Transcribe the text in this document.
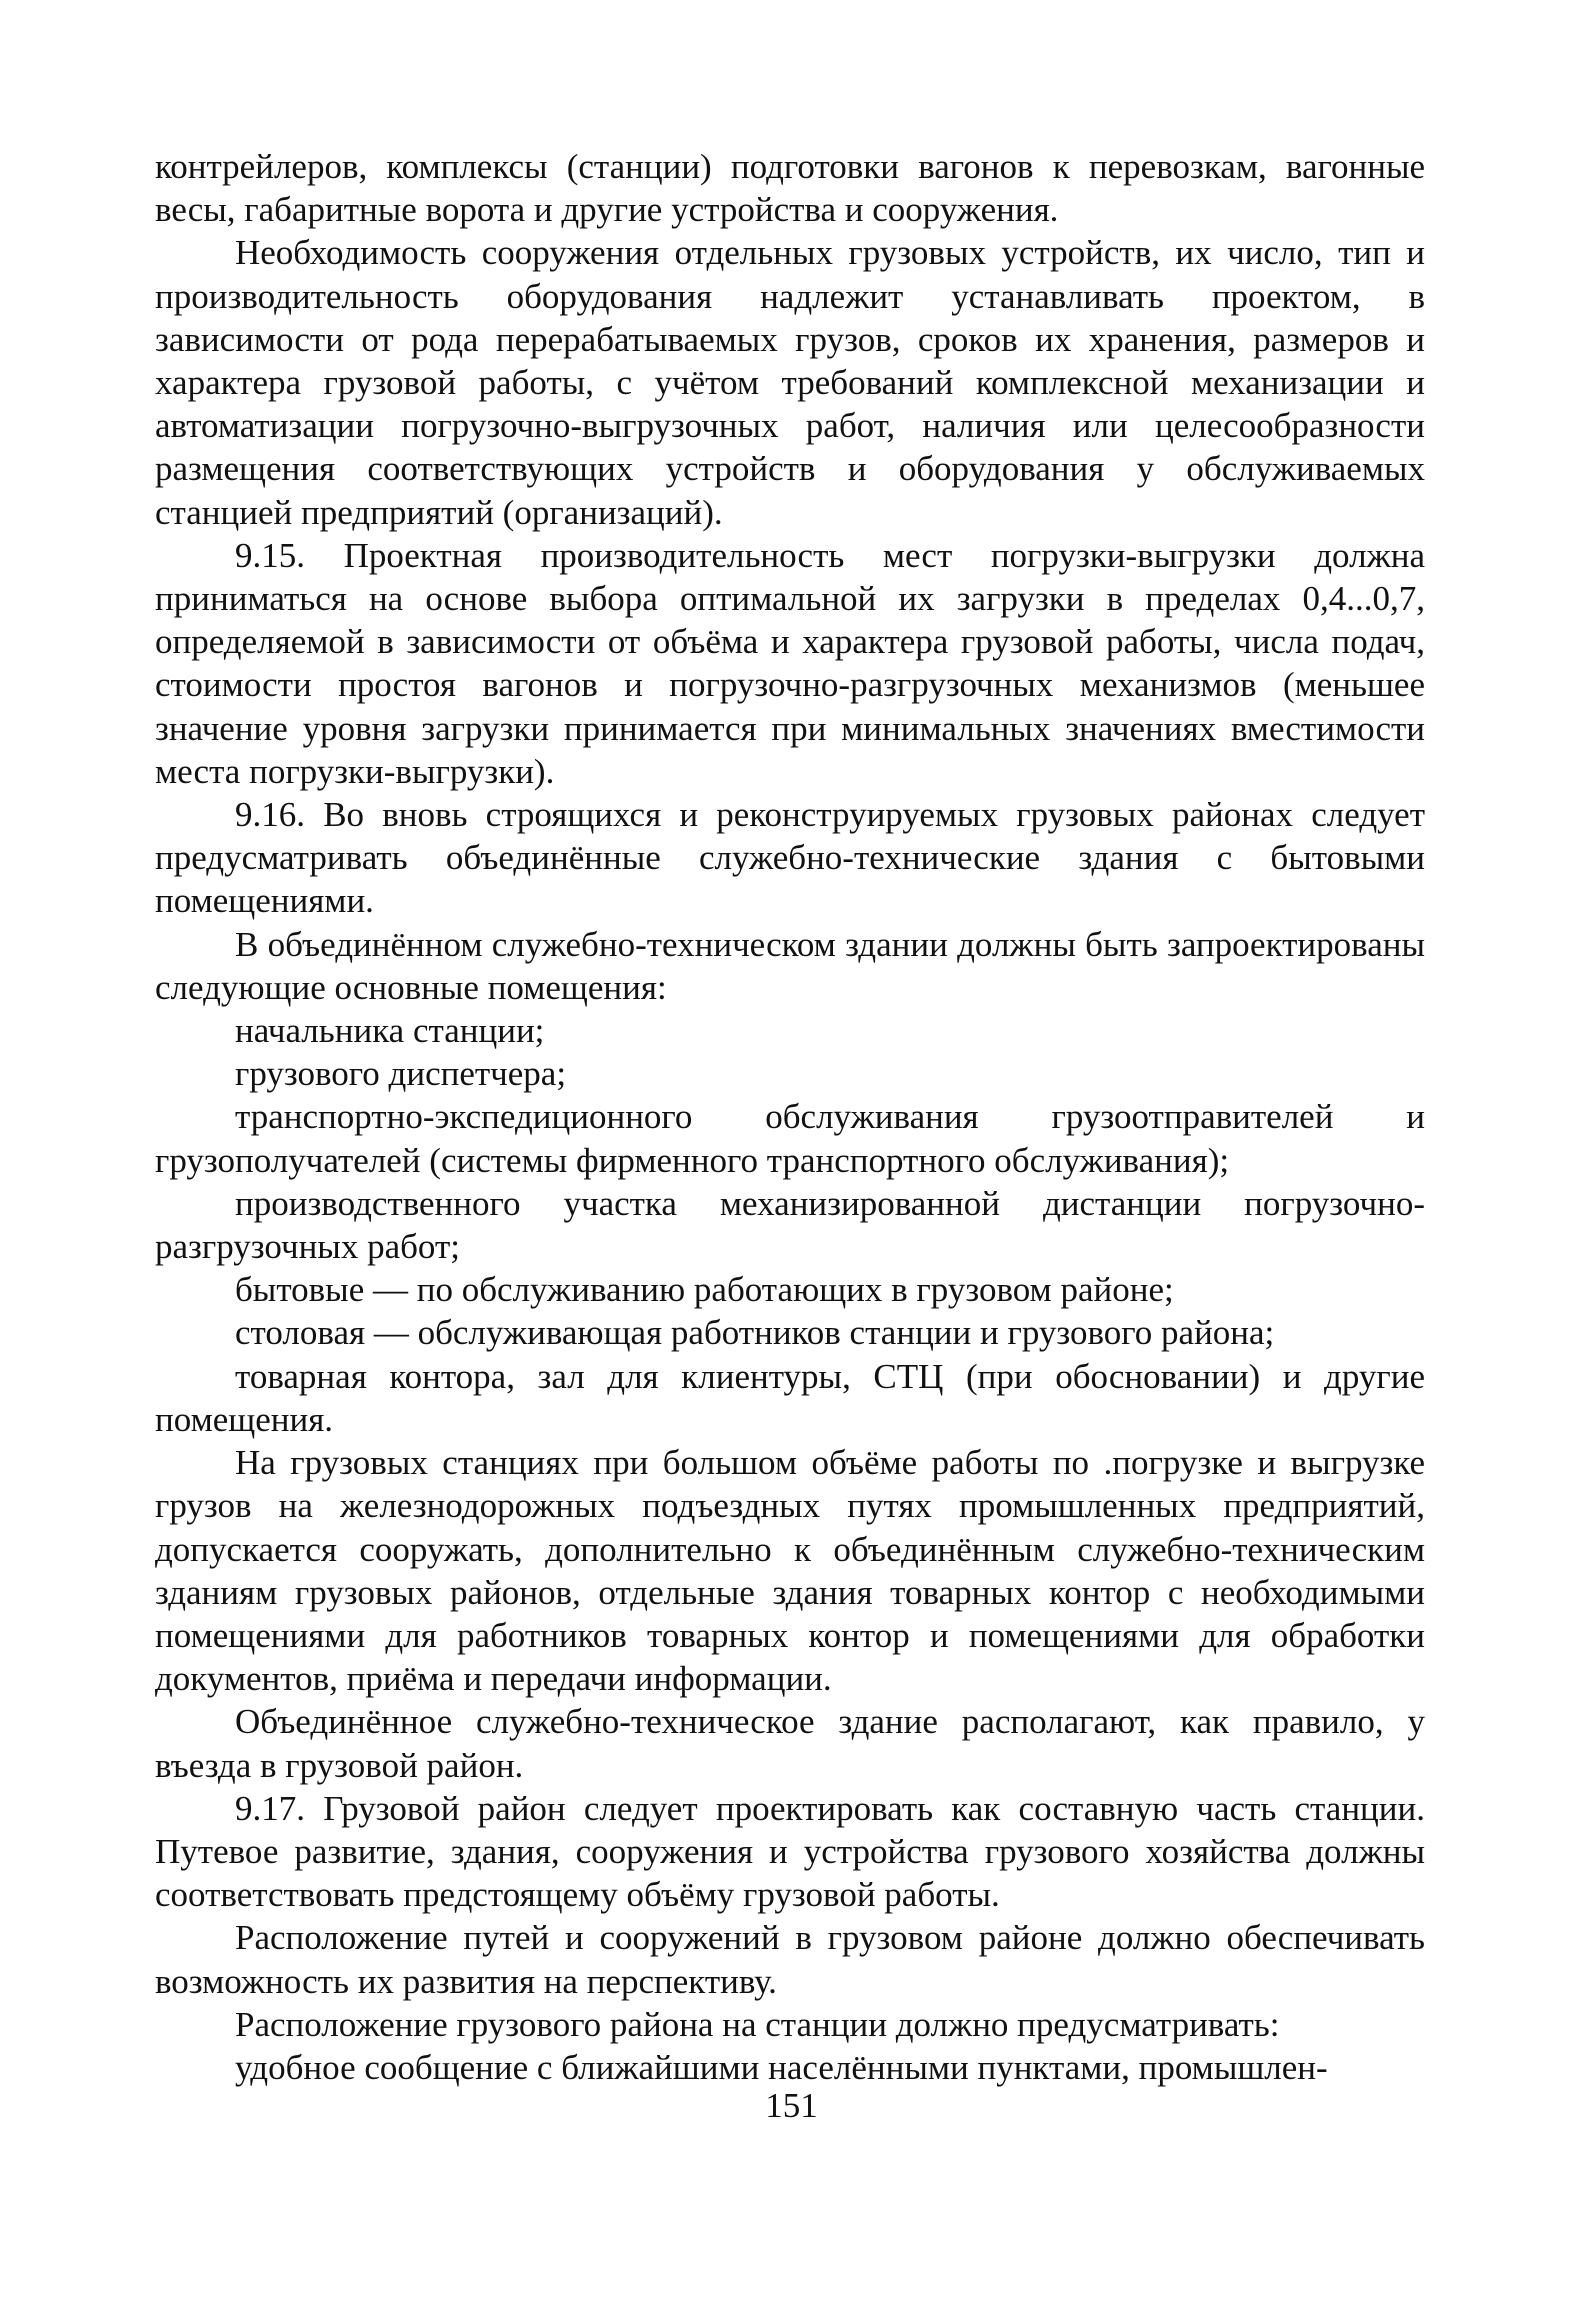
контрейлеров, комплексы (станции) подготовки вагонов к перевозкам, вагонные весы, габаритные ворота и другие устройства и сооружения.

Необходимость сооружения отдельных грузовых устройств, их число, тип и производительность оборудования надлежит устанавливать проектом, в зависимости от рода перерабатываемых грузов, сроков их хранения, размеров и характера грузовой работы, с учётом требований комплексной механизации и автоматизации погрузочно-выгрузочных работ, наличия или целесообразности размещения соответствующих устройств и оборудования у обслуживаемых станцией предприятий (организаций).

9.15. Проектная производительность мест погрузки-выгрузки должна приниматься на основе выбора оптимальной их загрузки в пределах 0,4...0,7, определяемой в зависимости от объёма и характера грузовой работы, числа подач, стоимости простоя вагонов и погрузочно-разгрузочных механизмов (меньшее значение уровня загрузки принимается при минимальных значениях вместимости места погрузки-выгрузки).

9.16. Во вновь строящихся и реконструируемых грузовых районах следует предусматривать объединённые служебно-технические здания с бытовыми помещениями.

В объединённом служебно-техническом здании должны быть запроектированы следующие основные помещения:

начальника станции;

грузового диспетчера;

транспортно-экспедиционного обслуживания грузоотправителей и грузополучателей (системы фирменного транспортного обслуживания);

производственного участка механизированной дистанции погрузочно-разгрузочных работ;

бытовые — по обслуживанию работающих в грузовом районе;

столовая — обслуживающая работников станции и грузового района;

товарная контора, зал для клиентуры, СТЦ (при обосновании) и другие помещения.

На грузовых станциях при большом объёме работы по .погрузке и выгрузке грузов на железнодорожных подъездных путях промышленных предприятий, допускается сооружать, дополнительно к объединённым служебно-техническим зданиям грузовых районов, отдельные здания товарных контор с необходимыми помещениями для работников товарных контор и помещениями для обработки документов, приёма и передачи информации.

Объединённое служебно-техническое здание располагают, как правило, у въезда в грузовой район.

9.17. Грузовой район следует проектировать как составную часть станции. Путевое развитие, здания, сооружения и устройства грузового хозяйства должны соответствовать предстоящему объёму грузовой работы.

Расположение путей и сооружений в грузовом районе должно обеспечивать возможность их развития на перспективу.

Расположение грузового района на станции должно предусматривать:

удобное сообщение с ближайшими населёнными пунктами, промышлен-

151
